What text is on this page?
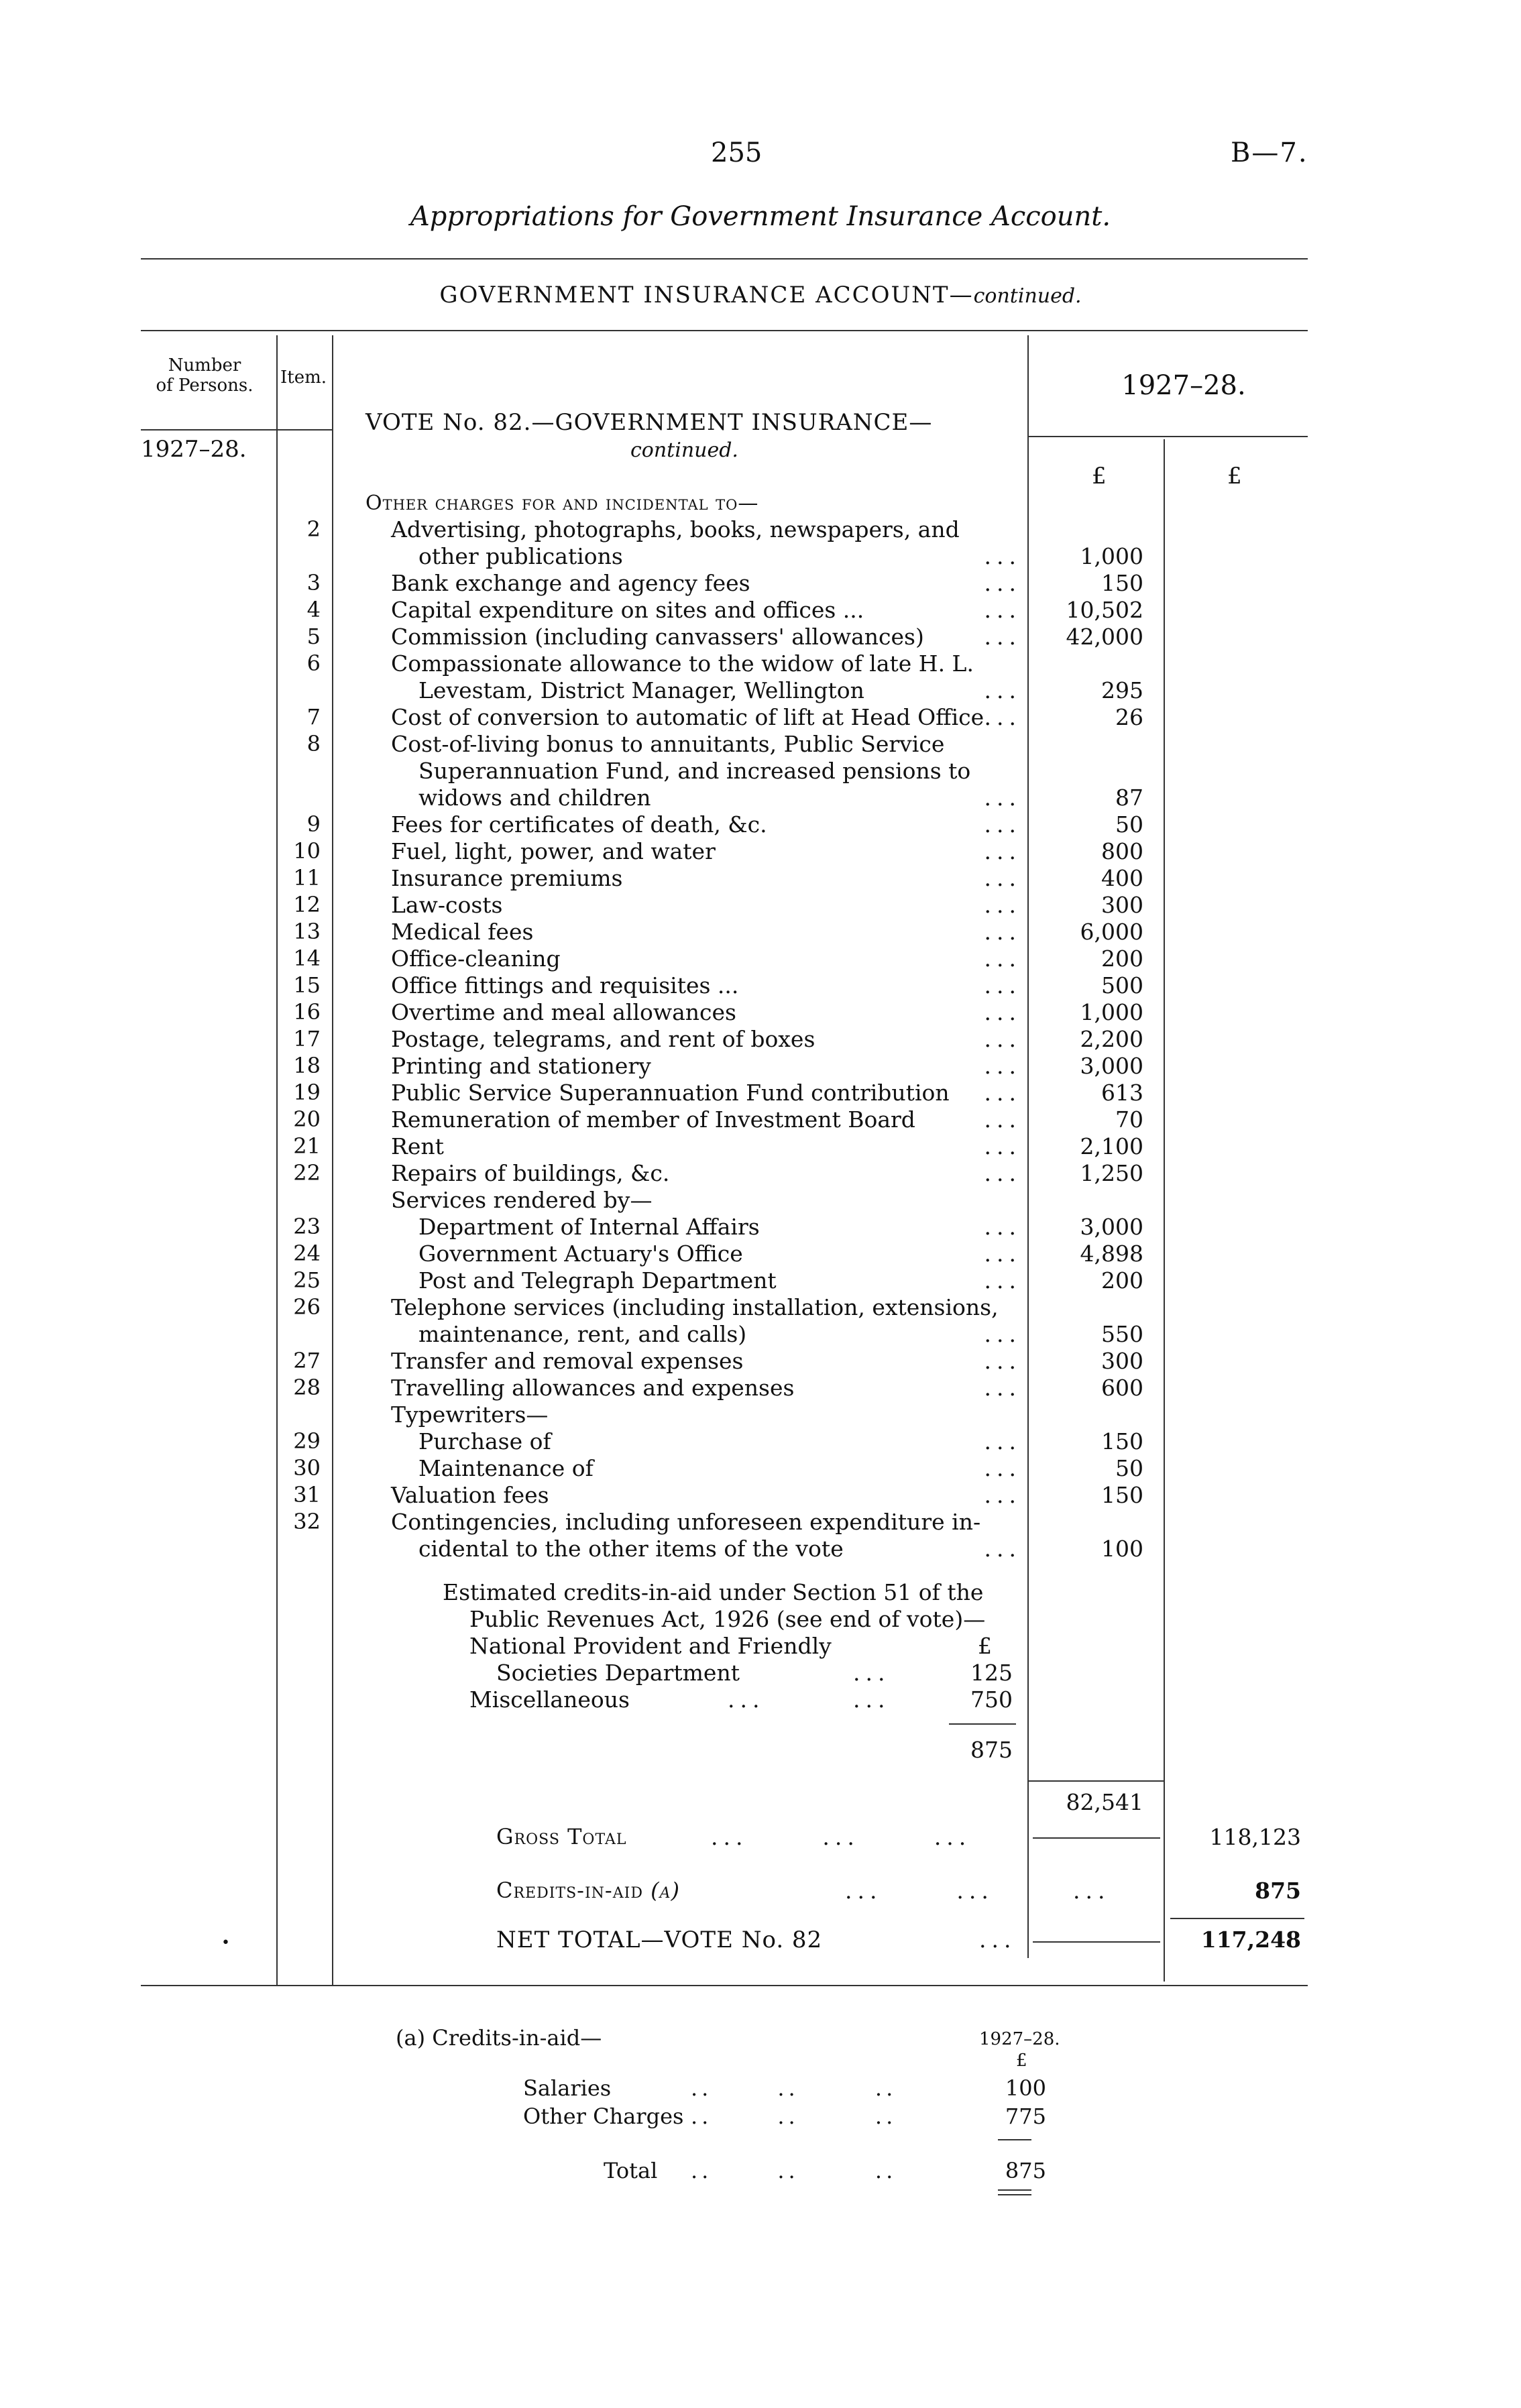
255	B—7.
Appropriations for Government Insurance Account.
GOVERNMENT INSURANCE ACCOUNT—continued.
Number
of Persons.	Item.
1927–28.
1927–28.
£	£
VOTE No. 82.—GOVERNMENT INSURANCE—
continued.
Other charges for and incidental to—
2	Advertising, photographs, books, newspapers, and
other publications	...	1,000
3	Bank exchange and agency fees	...	150
4	Capital expenditure on sites and offices ...	...	10,502
5	Commission (including canvassers' allowances)	...	42,000
6	Compassionate allowance to the widow of late H. L.
Levestam, District Manager, Wellington	...	295
7	Cost of conversion to automatic of lift at Head Office ...	26
8	Cost-of-living bonus to annuitants, Public Service
Superannuation Fund, and increased pensions to
widows and children	...	87
9	Fees for certificates of death, &c.	...	50
10	Fuel, light, power, and water	...	800
11	Insurance premiums	...	400
12	Law-costs	...	300
13	Medical fees	...	6,000
14	Office-cleaning	...	200
15	Office fittings and requisites ...	...	500
16	Overtime and meal allowances	...	1,000
17	Postage, telegrams, and rent of boxes	...	2,200
18	Printing and stationery	...	3,000
19	Public Service Superannuation Fund contribution ...	613
20	Remuneration of member of Investment Board	...	70
21	Rent	...	2,100
22	Repairs of buildings, &c.	...	1,250
Services rendered by—
23	Department of Internal Affairs	...	3,000
24	Government Actuary's Office	...	4,898
25	Post and Telegraph Department	...	200
26	Telephone services (including installation, extensions,
maintenance, rent, and calls)	...	550
27	Transfer and removal expenses	...	300
28	Travelling allowances and expenses	...	600
Typewriters—
29	Purchase of	...	150
30	Maintenance of	...	50
31	Valuation fees	...	150
32	Contingencies, including unforeseen expenditure in-
cidental to the other items of the vote	...	100
Estimated credits-in-aid under Section 51 of the
Public Revenues Act, 1926 (see end of vote)—
National Provident and Friendly	£
Societies Department	...	125
Miscellaneous	...	...	750
875
82,541
Gross Total	...      ...      ...	118,123
Credits-in-aid (a)	...      ...	...	875
NET TOTAL—VOTE No. 82	...	117,248
•
(a) Credits-in-aid—	1927–28.
£
Salaries	..      ..       ..	100
Other Charges ..      ..       ..	775
Total ..      ..       ..	875
